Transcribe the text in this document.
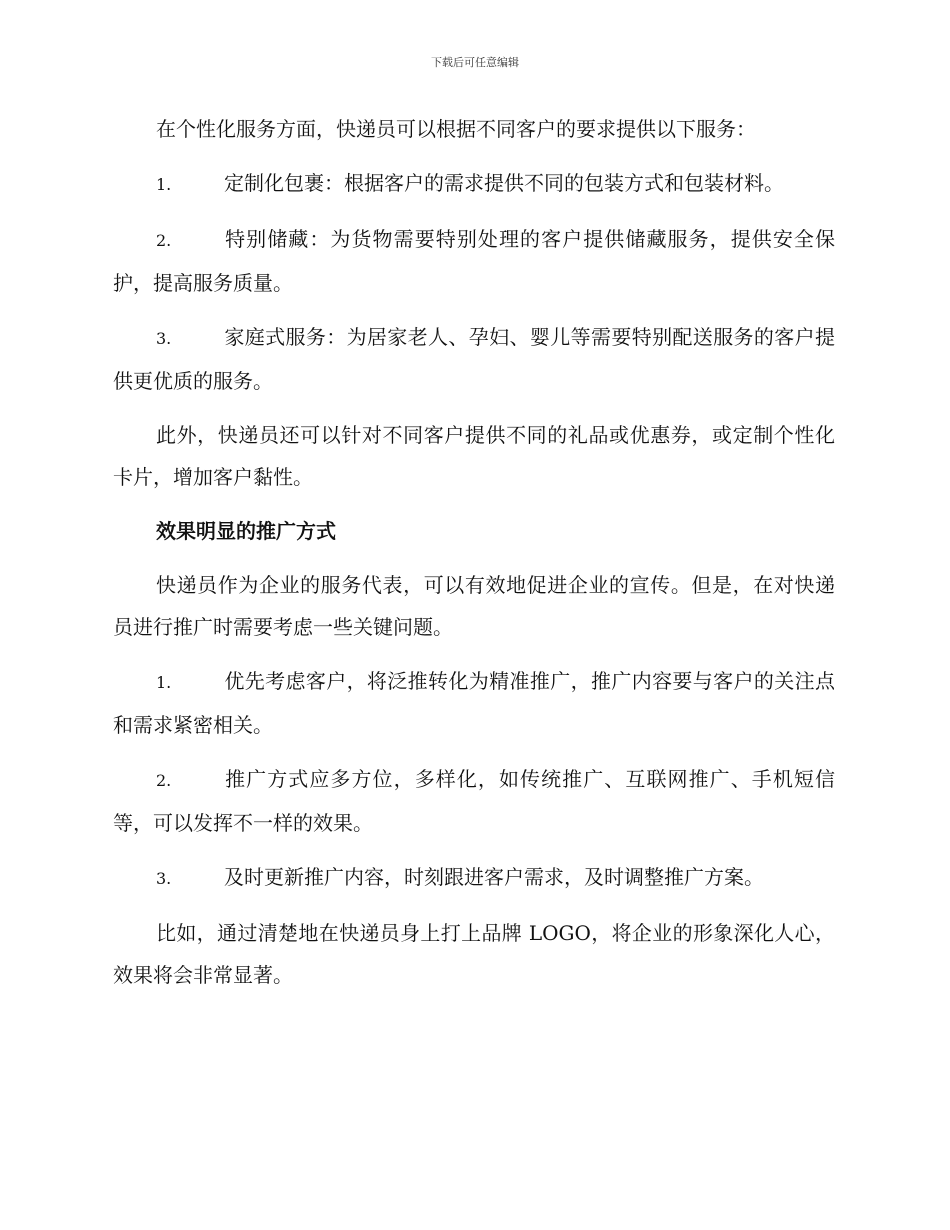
下载后可任意编辑

在个性化服务方面，快递员可以根据不同客户的要求提供以下服务：

1.	定制化包裹：根据客户的需求提供不同的包装方式和包装材料。

2.	特别储藏：为货物需要特别处理的客户提供储藏服务，提供安全保护，提高服务质量。

3.	家庭式服务：为居家老人、孕妇、婴儿等需要特别配送服务的客户提供更优质的服务。

此外，快递员还可以针对不同客户提供不同的礼品或优惠券，或定制个性化卡片，增加客户黏性。

效果明显的推广方式

快递员作为企业的服务代表，可以有效地促进企业的宣传。但是，在对快递员进行推广时需要考虑一些关键问题。

1.	优先考虑客户，将泛推转化为精准推广，推广内容要与客户的关注点和需求紧密相关。

2.	推广方式应多方位，多样化，如传统推广、互联网推广、手机短信等，可以发挥不一样的效果。

3.	及时更新推广内容，时刻跟进客户需求，及时调整推广方案。

比如，通过清楚地在快递员身上打上品牌 LOGO，将企业的形象深化人心，效果将会非常显著。
